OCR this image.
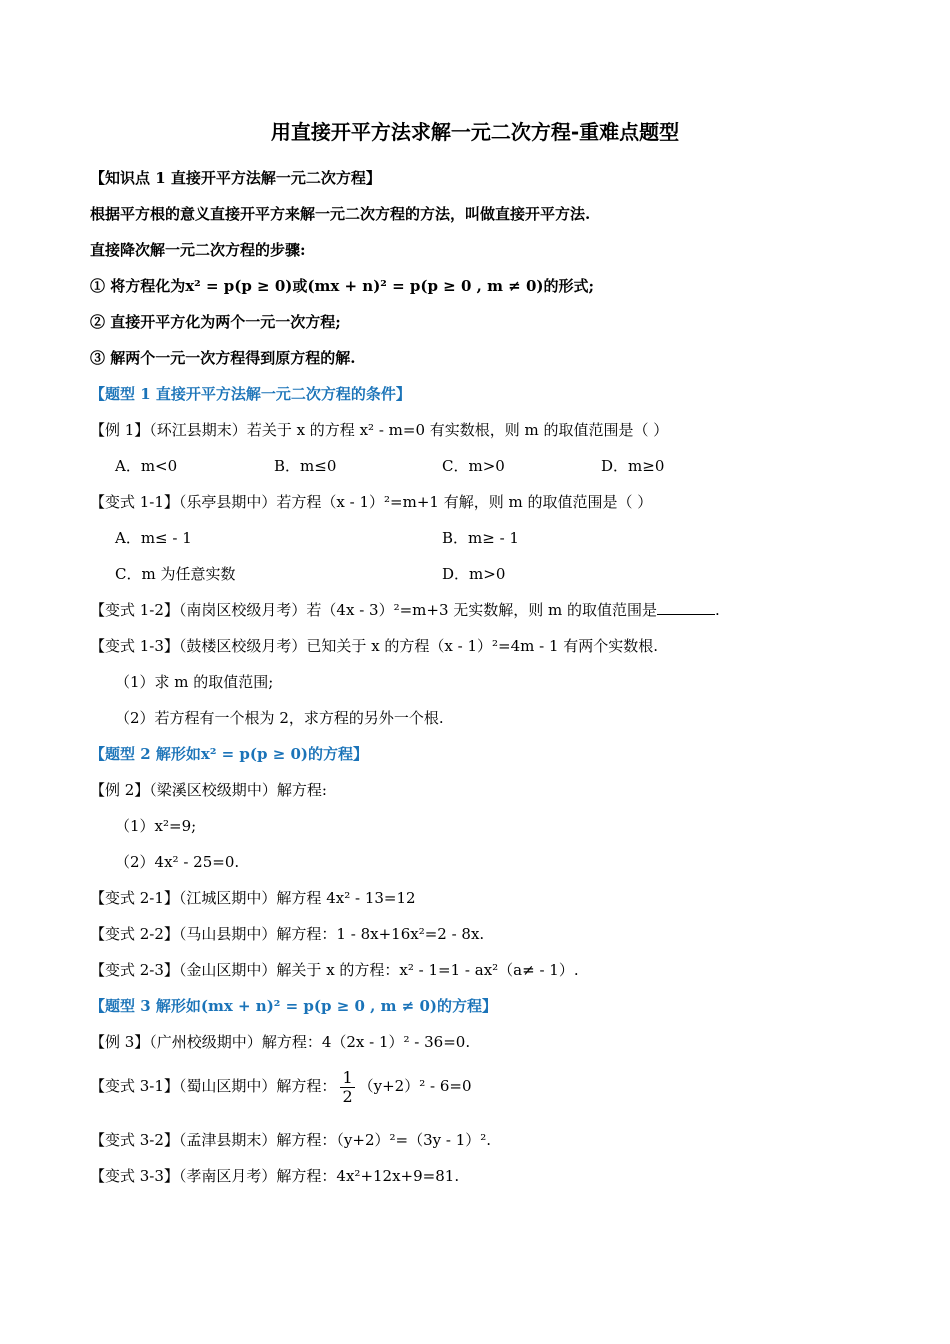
用直接开平方法求解一元二次方程-重难点题型
【知识点 1 直接开平方法解一元二次方程】
根据平方根的意义直接开平方来解一元二次方程的方法，叫做直接开平方法.
直接降次解一元二次方程的步骤:
① 将方程化为x² = p(p ≥ 0)或(mx + n)² = p(p ≥ 0 , m ≠ 0)的形式;
② 直接开平方化为两个一元一次方程;
③ 解两个一元一次方程得到原方程的解.
【题型 1 直接开平方法解一元二次方程的条件】
【例 1】（环江县期末）若关于 x 的方程 x² - m=0 有实数根，则 m 的取值范围是（ ）
A．m<0	B．m≤0	C．m>0	D．m≥0
【变式 1-1】（乐亭县期中）若方程（x - 1）²=m+1 有解，则 m 的取值范围是（ ）
A．m≤ - 1	B．m≥ - 1
C．m 为任意实数	D．m>0
【变式 1-2】（南岗区校级月考）若（4x - 3）²=m+3 无实数解，则 m 的取值范围是	.
【变式 1-3】（鼓楼区校级月考）已知关于 x 的方程（x - 1）²=4m - 1 有两个实数根.
（1）求 m 的取值范围;
（2）若方程有一个根为 2，求方程的另外一个根.
【题型 2 解形如x² = p(p ≥ 0)的方程】
【例 2】（梁溪区校级期中）解方程:
（1）x²=9;
（2）4x² - 25=0.
【变式 2-1】（江城区期中）解方程 4x² - 13=12
【变式 2-2】（马山县期中）解方程：1 - 8x+16x²=2 - 8x.
【变式 2-3】（金山区期中）解关于 x 的方程：x² - 1=1 - ax²（a≠ - 1）.
【题型 3 解形如(mx + n)² = p(p ≥ 0 , m ≠ 0)的方程】
【例 3】（广州校级期中）解方程：4（2x - 1）² - 36=0.
【变式 3-1】（蜀山区期中）解方程： $\frac{1}{2} (y+2)^2 - 6=0$
【变式 3-2】（孟津县期末）解方程：（y+2）²=（3y - 1）².
【变式 3-3】（孝南区月考）解方程：4x²+12x+9=81.
